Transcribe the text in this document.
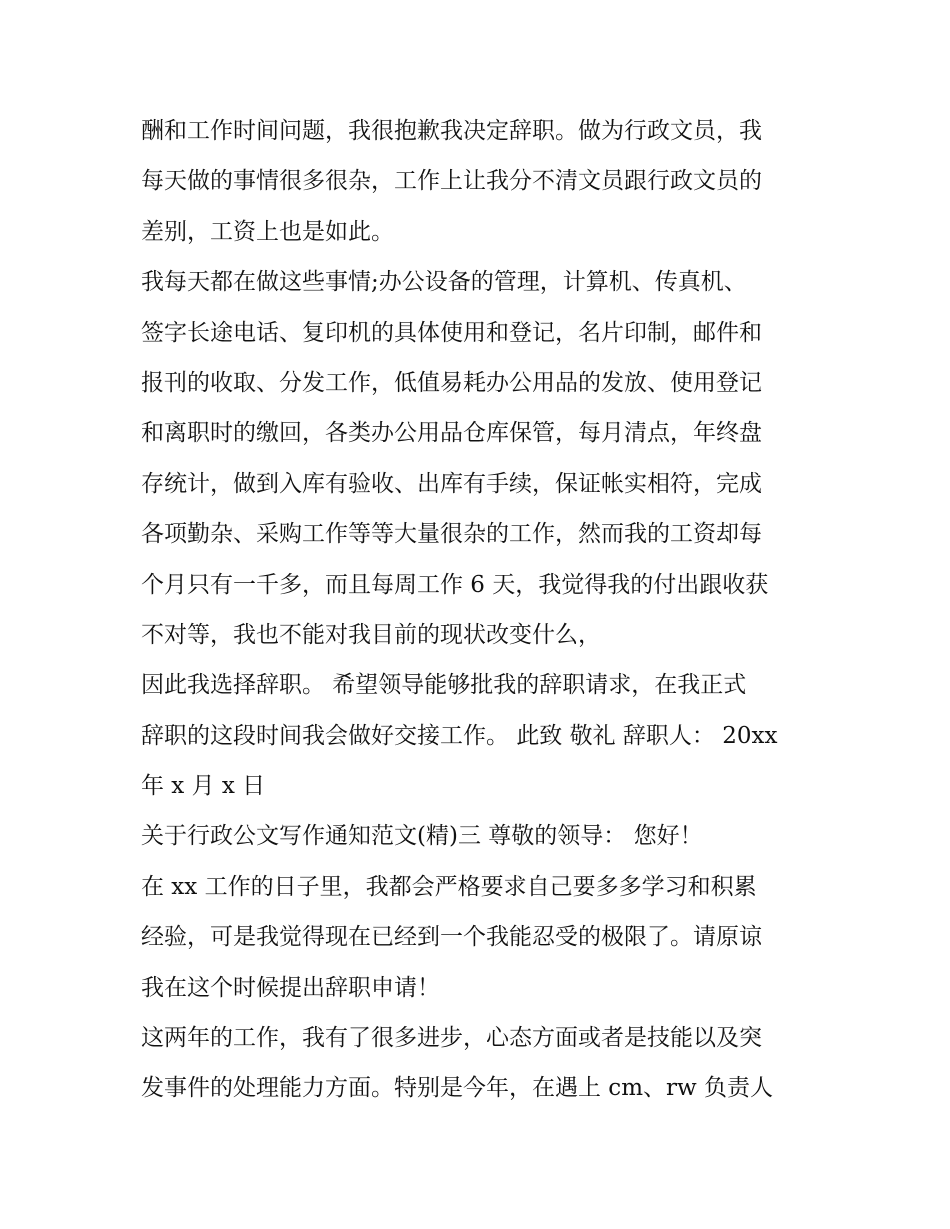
酬和工作时间问题，我很抱歉我决定辞职。做为行政文员，我
每天做的事情很多很杂，工作上让我分不清文员跟行政文员的
差别，工资上也是如此。
我每天都在做这些事情;办公设备的管理，计算机、传真机、
签字长途电话、复印机的具体使用和登记，名片印制，邮件和
报刊的收取、分发工作，低值易耗办公用品的发放、使用登记
和离职时的缴回，各类办公用品仓库保管，每月清点，年终盘
存统计，做到入库有验收、出库有手续，保证帐实相符，完成
各项勤杂、采购工作等等大量很杂的工作，然而我的工资却每
个月只有一千多，而且每周工作 6 天，我觉得我的付出跟收获
不对等，我也不能对我目前的现状改变什么，
因此我选择辞职。 希望领导能够批我的辞职请求，在我正式
辞职的这段时间我会做好交接工作。 此致 敬礼 辞职人： 20xx
年 x 月 x 日
关于行政公文写作通知范文(精)三 尊敬的领导： 您好！
在 xx 工作的日子里，我都会严格要求自己要多多学习和积累
经验，可是我觉得现在已经到一个我能忍受的极限了。请原谅
我在这个时候提出辞职申请！
这两年的工作，我有了很多进步，心态方面或者是技能以及突
发事件的处理能力方面。特别是今年，在遇上 cm、rw 负责人
